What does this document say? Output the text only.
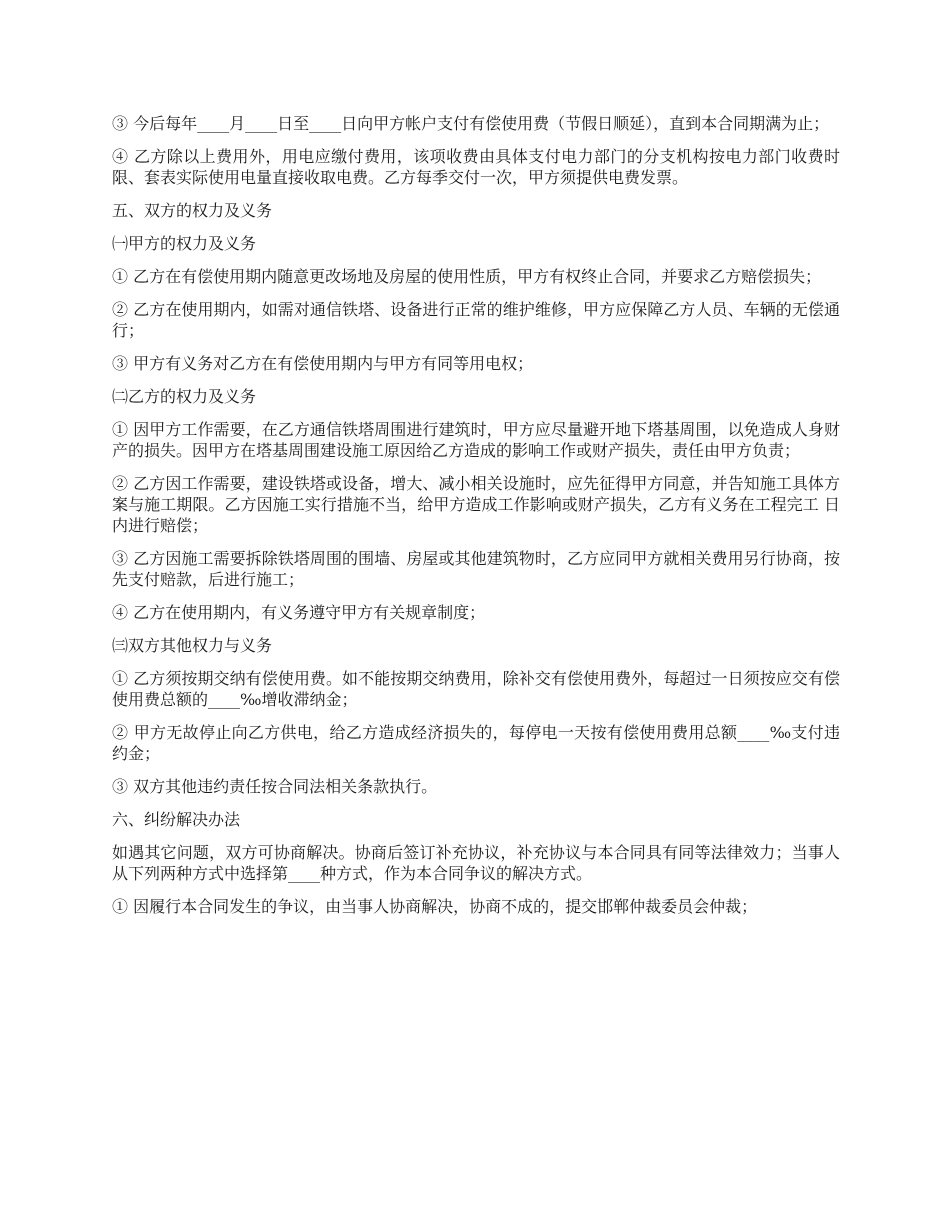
③ 今后每年____月____日至____日向甲方帐户支付有偿使用费（节假日顺延），直到本合同期满为止；

④ 乙方除以上费用外，用电应缴付费用，该项收费由具体支付电力部门的分支机构按电力部门收费时限、套表实际使用电量直接收取电费。乙方每季交付一次，甲方须提供电费发票。

五、双方的权力及义务

㈠甲方的权力及义务

① 乙方在有偿使用期内随意更改场地及房屋的使用性质，甲方有权终止合同，并要求乙方赔偿损失；

② 乙方在使用期内，如需对通信铁塔、设备进行正常的维护维修，甲方应保障乙方人员、车辆的无偿通行；

③ 甲方有义务对乙方在有偿使用期内与甲方有同等用电权；

㈡乙方的权力及义务

① 因甲方工作需要，在乙方通信铁塔周围进行建筑时，甲方应尽量避开地下塔基周围，以免造成人身财产的损失。因甲方在塔基周围建设施工原因给乙方造成的影响工作或财产损失，责任由甲方负责；

② 乙方因工作需要，建设铁塔或设备，增大、减小相关设施时，应先征得甲方同意，并告知施工具体方案与施工期限。乙方因施工实行措施不当，给甲方造成工作影响或财产损失，乙方有义务在工程完工 日内进行赔偿；

③ 乙方因施工需要拆除铁塔周围的围墙、房屋或其他建筑物时，乙方应同甲方就相关费用另行协商，按先支付赔款，后进行施工；

④ 乙方在使用期内，有义务遵守甲方有关规章制度；

㈢双方其他权力与义务

① 乙方须按期交纳有偿使用费。如不能按期交纳费用，除补交有偿使用费外，每超过一日须按应交有偿使用费总额的____‰增收滞纳金；

② 甲方无故停止向乙方供电，给乙方造成经济损失的，每停电一天按有偿使用费用总额____‰支付违约金；

③ 双方其他违约责任按合同法相关条款执行。

六、纠纷解决办法

如遇其它问题，双方可协商解决。协商后签订补充协议，补充协议与本合同具有同等法律效力；当事人从下列两种方式中选择第____种方式，作为本合同争议的解决方式。

① 因履行本合同发生的争议，由当事人协商解决，协商不成的，提交邯郸仲裁委员会仲裁；
